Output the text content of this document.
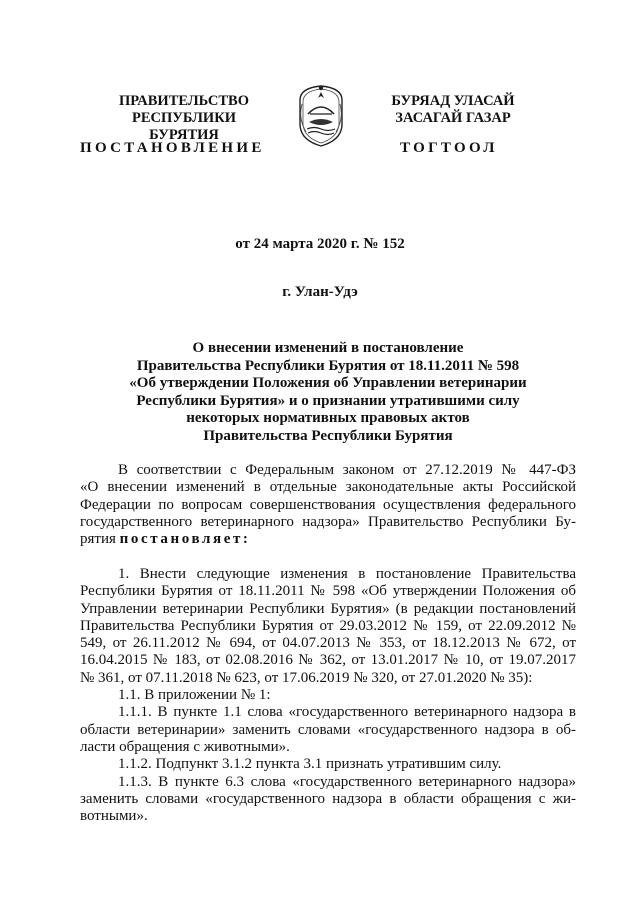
ПРАВИТЕЛЬСТВО
РЕСПУБЛИКИ БУРЯТИЯ
БУРЯАД УЛАСАЙ
ЗАСАГАЙ ГАЗАР
ПОСТАНОВЛЕНИЕ	ТОГТООЛ
от 24 марта 2020 г. № 152
г. Улан-Удэ
О внесении изменений в постановление
Правительства Республики Бурятия от 18.11.2011 № 598
«Об утверждении Положения об Управлении ветеринарии
Республики Бурятия» и о признании утратившими силу
некоторых нормативных правовых актов
Правительства Республики Бурятия
В соответствии с Федеральным законом от 27.12.2019 № 447-ФЗ
«О внесении изменений в отдельные законодательные акты Российской
Федерации по вопросам совершенствования осуществления федерального
государственного ветеринарного надзора» Правительство Республики Бу-
рятия постановляет:
1. Внести следующие изменения в постановление Правительства
Республики Бурятия от 18.11.2011 № 598 «Об утверждении Положения об
Управлении ветеринарии Республики Бурятия» (в редакции постановлений
Правительства Республики Бурятия от 29.03.2012 № 159, от 22.09.2012 №
549, от 26.11.2012 № 694, от 04.07.2013 № 353, от 18.12.2013 № 672, от
16.04.2015 № 183, от 02.08.2016 № 362, от 13.01.2017 № 10, от 19.07.2017
№ 361, от 07.11.2018 № 623, от 17.06.2019 № 320, от 27.01.2020 № 35):
1.1. В приложении № 1:
1.1.1. В пункте 1.1 слова «государственного ветеринарного надзора в
области ветеринарии» заменить словами «государственного надзора в об-
ласти обращения с животными».
1.1.2. Подпункт 3.1.2 пункта 3.1 признать утратившим силу.
1.1.3. В пункте 6.3 слова «государственного ветеринарного надзора»
заменить словами «государственного надзора в области обращения с жи-
вотными».
